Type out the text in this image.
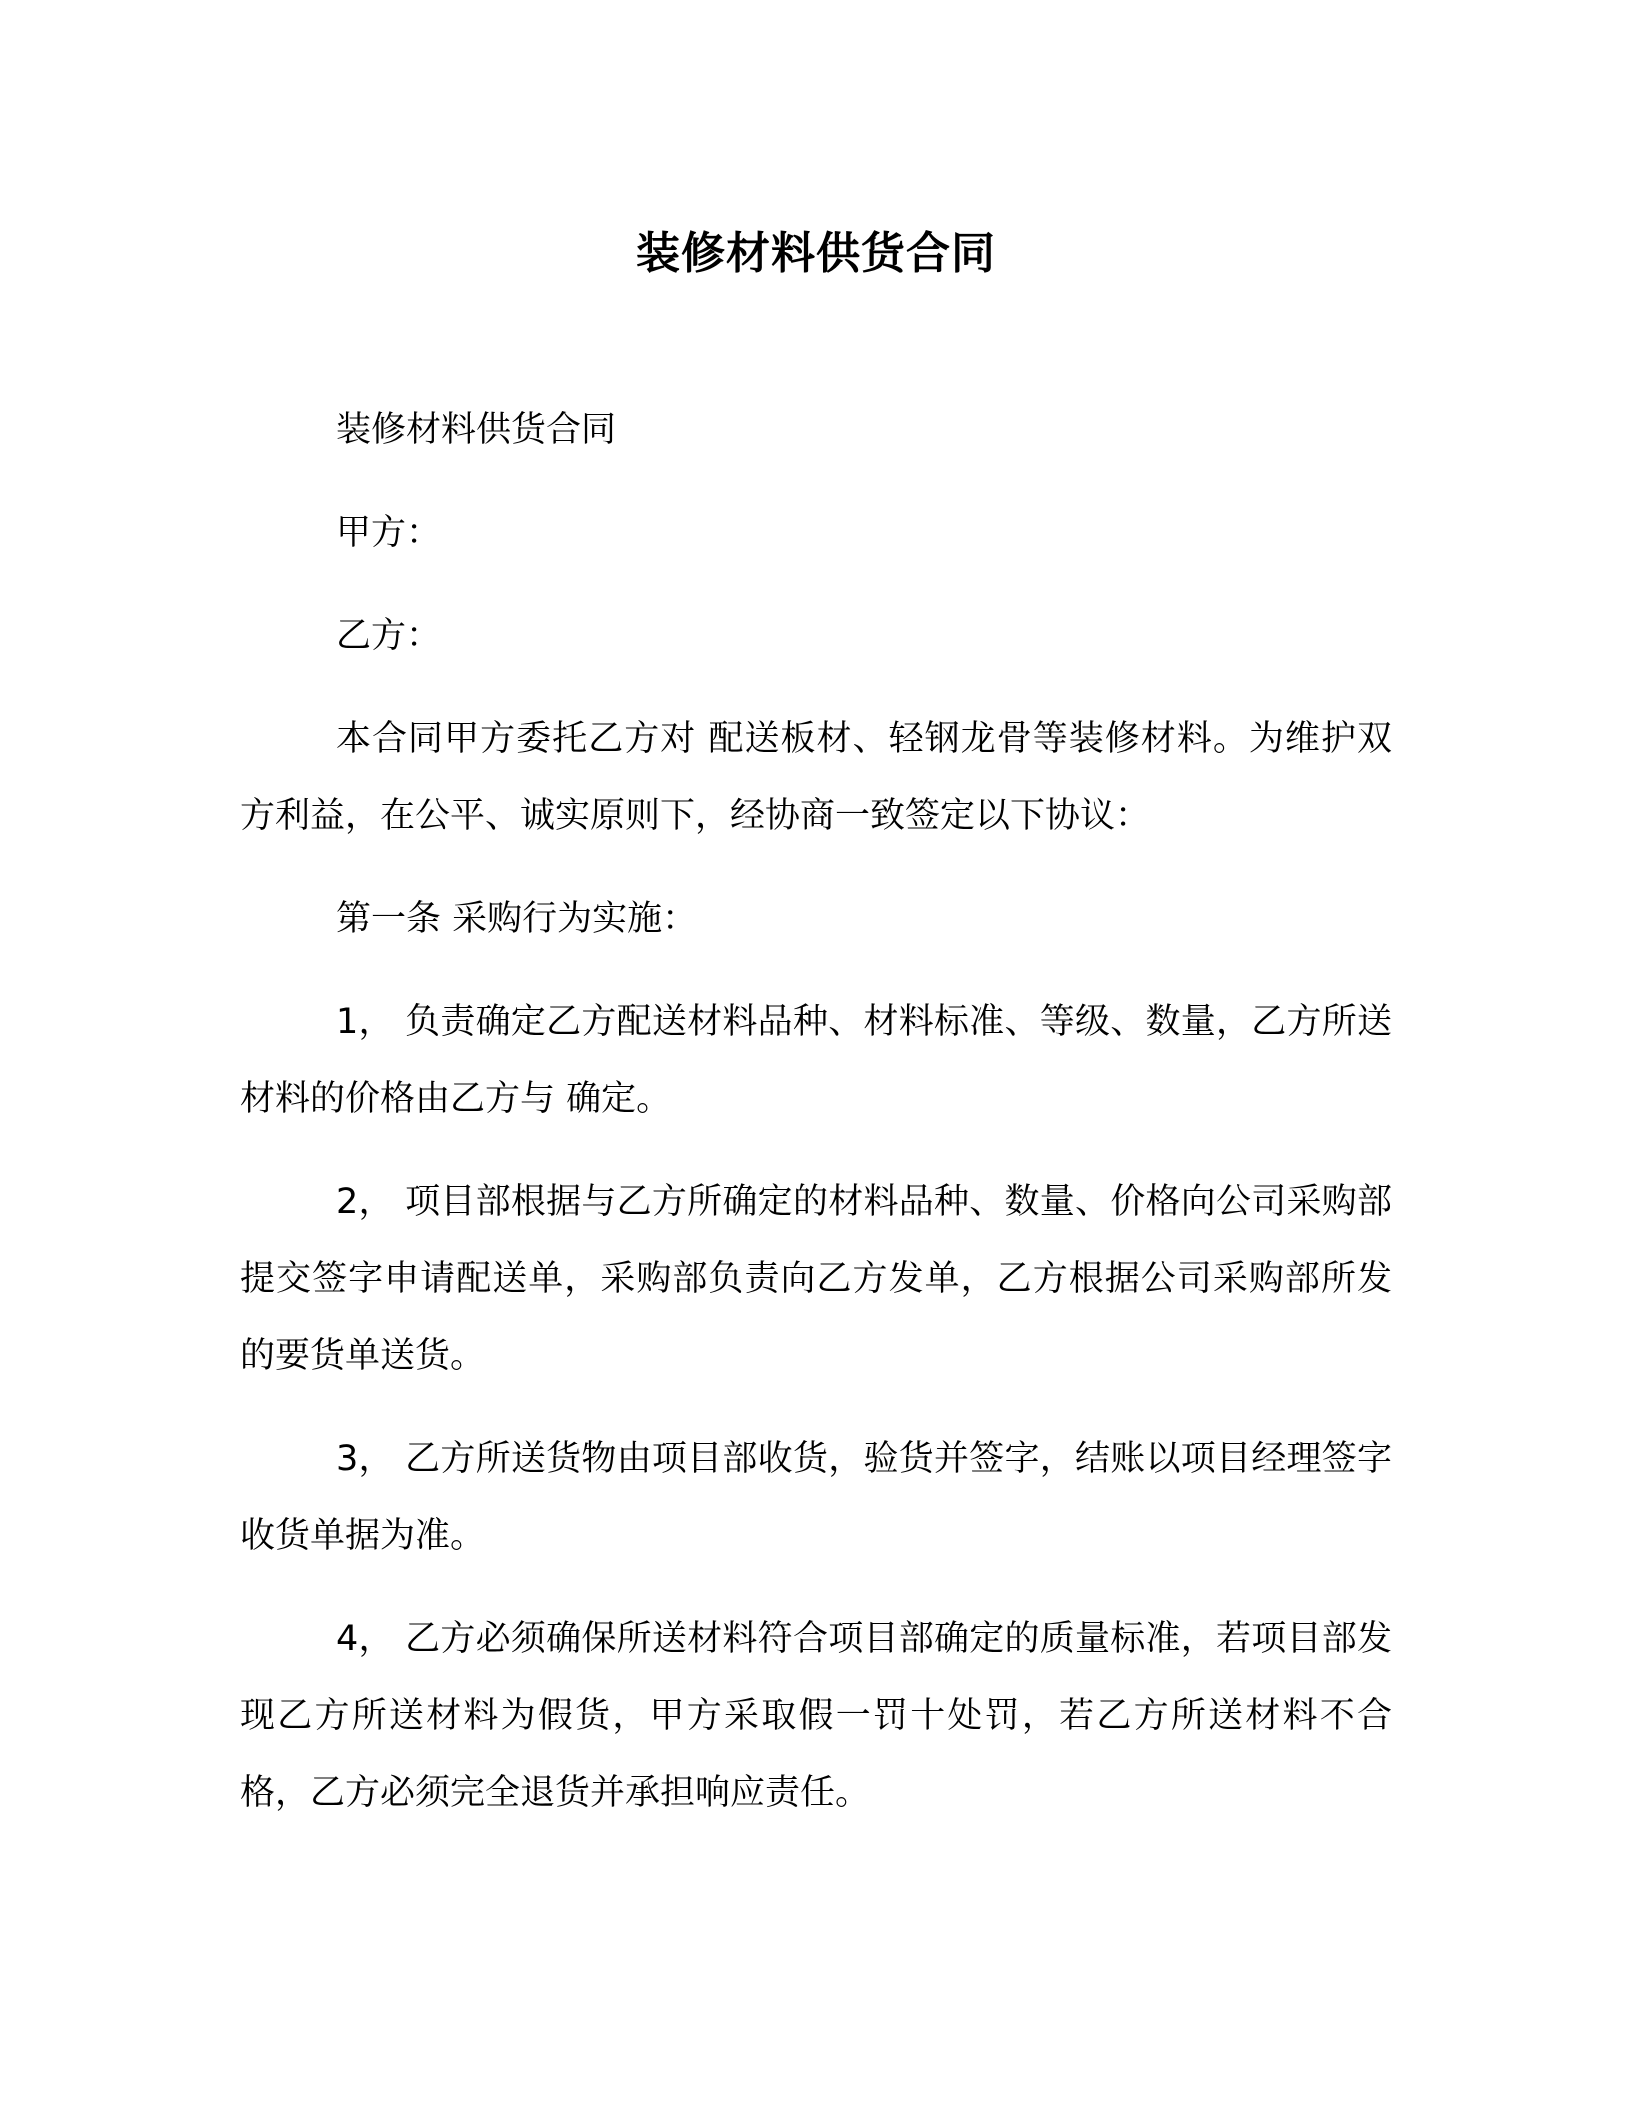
装修材料供货合同

装修材料供货合同

甲方：

乙方：

本合同甲方委托乙方对 配送板材、轻钢龙骨等装修材料。为维护双方利益，在公平、诚实原则下，经协商一致签定以下协议：

第一条 采购行为实施：

1， 负责确定乙方配送材料品种、材料标准、等级、数量，乙方所送材料的价格由乙方与 确定。

2， 项目部根据与乙方所确定的材料品种、数量、价格向公司采购部提交签字申请配送单，采购部负责向乙方发单，乙方根据公司采购部所发的要货单送货。

3， 乙方所送货物由项目部收货，验货并签字，结账以项目经理签字收货单据为准。

4， 乙方必须确保所送材料符合项目部确定的质量标准，若项目部发现乙方所送材料为假货，甲方采取假一罚十处罚，若乙方所送材料不合格，乙方必须完全退货并承担响应责任。
